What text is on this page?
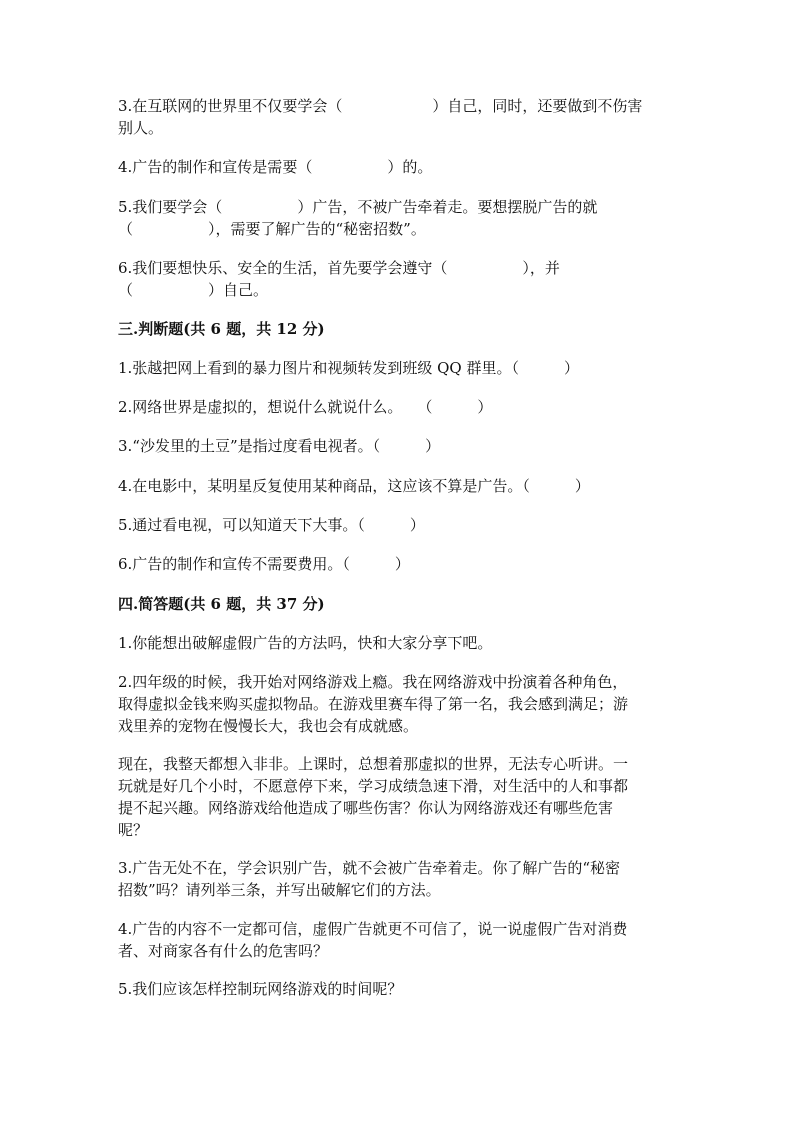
3.在互联网的世界里不仅要学会（　　　　　　）自己，同时，还要做到不伤害
别人。
4.广告的制作和宣传是需要（　　　　　）的。
5.我们要学会（　　　　　）广告，不被广告牵着走。要想摆脱广告的就
（　　　　　），需要了解广告的“秘密招数”。
6.我们要想快乐、安全的生活，首先要学会遵守（　　　　　），并
（　　　　　）自己。
三.判断题(共 6 题，共 12 分)
1.张越把网上看到的暴力图片和视频转发到班级 QQ 群里。（　　　）
2.网络世界是虚拟的，想说什么就说什么。　　（　　　）
3.“沙发里的土豆”是指过度看电视者。（　　　）
4.在电影中，某明星反复使用某种商品，这应该不算是广告。（　　　）
5.通过看电视，可以知道天下大事。（　　　）
6.广告的制作和宣传不需要费用。（　　　）
四.简答题(共 6 题，共 37 分)
1.你能想出破解虚假广告的方法吗，快和大家分享下吧。
2.四年级的时候，我开始对网络游戏上瘾。我在网络游戏中扮演着各种角色，
取得虚拟金钱来购买虚拟物品。在游戏里赛车得了第一名，我会感到满足；游
戏里养的宠物在慢慢长大，我也会有成就感。
现在，我整天都想入非非。上课时，总想着那虚拟的世界，无法专心听讲。一
玩就是好几个小时，不愿意停下来，学习成绩急速下滑，对生活中的人和事都
提不起兴趣。网络游戏给他造成了哪些伤害？你认为网络游戏还有哪些危害
呢？
3.广告无处不在，学会识别广告，就不会被广告牵着走。你了解广告的“秘密
招数”吗？请列举三条，并写出破解它们的方法。
4.广告的内容不一定都可信，虚假广告就更不可信了，说一说虚假广告对消费
者、对商家各有什么的危害吗？
5.我们应该怎样控制玩网络游戏的时间呢？
